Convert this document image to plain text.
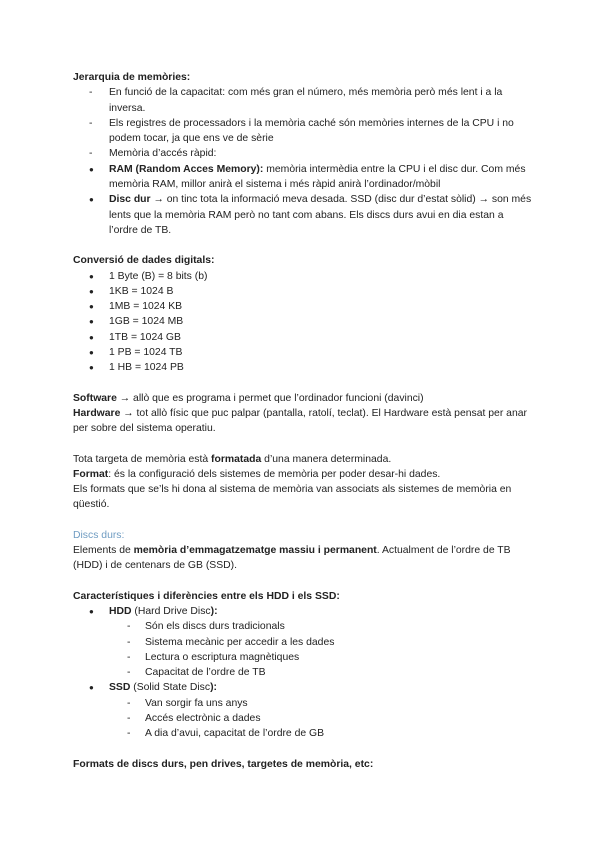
Jerarquia de memòries:

-	En funció de la capacitat: com més gran el número, més memòria però més lent i a la inversa.
-	Els registres de processadors i la memòria caché són memòries internes de la CPU i no podem tocar, ja que ens ve de sèrie
-	Memòria d’accés ràpid:
●	RAM (Random Acces Memory): memòria intermèdia entre la CPU i el disc dur. Com més memòria RAM, millor anirà el sistema i més ràpid anirà l’ordinador/mòbil
●	Disc dur → on tinc tota la informació meva desada. SSD (disc dur d’estat sòlid) → son més lents que la memòria RAM però no tant com abans. Els discs durs avui en dia estan a l’ordre de TB.

Conversió de dades digitals:

●	1 Byte (B) = 8 bits (b)
●	1KB = 1024 B
●	1MB = 1024 KB
●	1GB = 1024 MB
●	1TB = 1024 GB
●	1 PB = 1024 TB
●	1 HB = 1024 PB

Software → allò que es programa i permet que l’ordinador funcioni (davinci)

Hardware → tot allò físic que puc palpar (pantalla, ratolí, teclat). El Hardware està pensat per anar per sobre del sistema operatiu.

Tota targeta de memòria està formatada d’una manera determinada.

Format: és la configuració dels sistemes de memòria per poder desar-hi dades.

Els formats que se’ls hi dona al sistema de memòria van associats als sistemes de memòria en qüestió.

Discs durs:

Elements de memòria d’emmagatzematge massiu i permanent. Actualment de l’ordre de TB (HDD) i de centenars de GB (SSD).

Característiques i diferències entre els HDD i els SSD:

●	HDD (Hard Drive Disc):
-	Són els discs durs tradicionals
-	Sistema mecànic per accedir a les dades
-	Lectura o escriptura magnètiques
-	Capacitat de l’ordre de TB
●	SSD (Solid State Disc):
-	Van sorgir fa uns anys
-	Accés electrònic a dades
-	A dia d’avui, capacitat de l’ordre de GB

Formats de discs durs, pen drives, targetes de memòria, etc:
